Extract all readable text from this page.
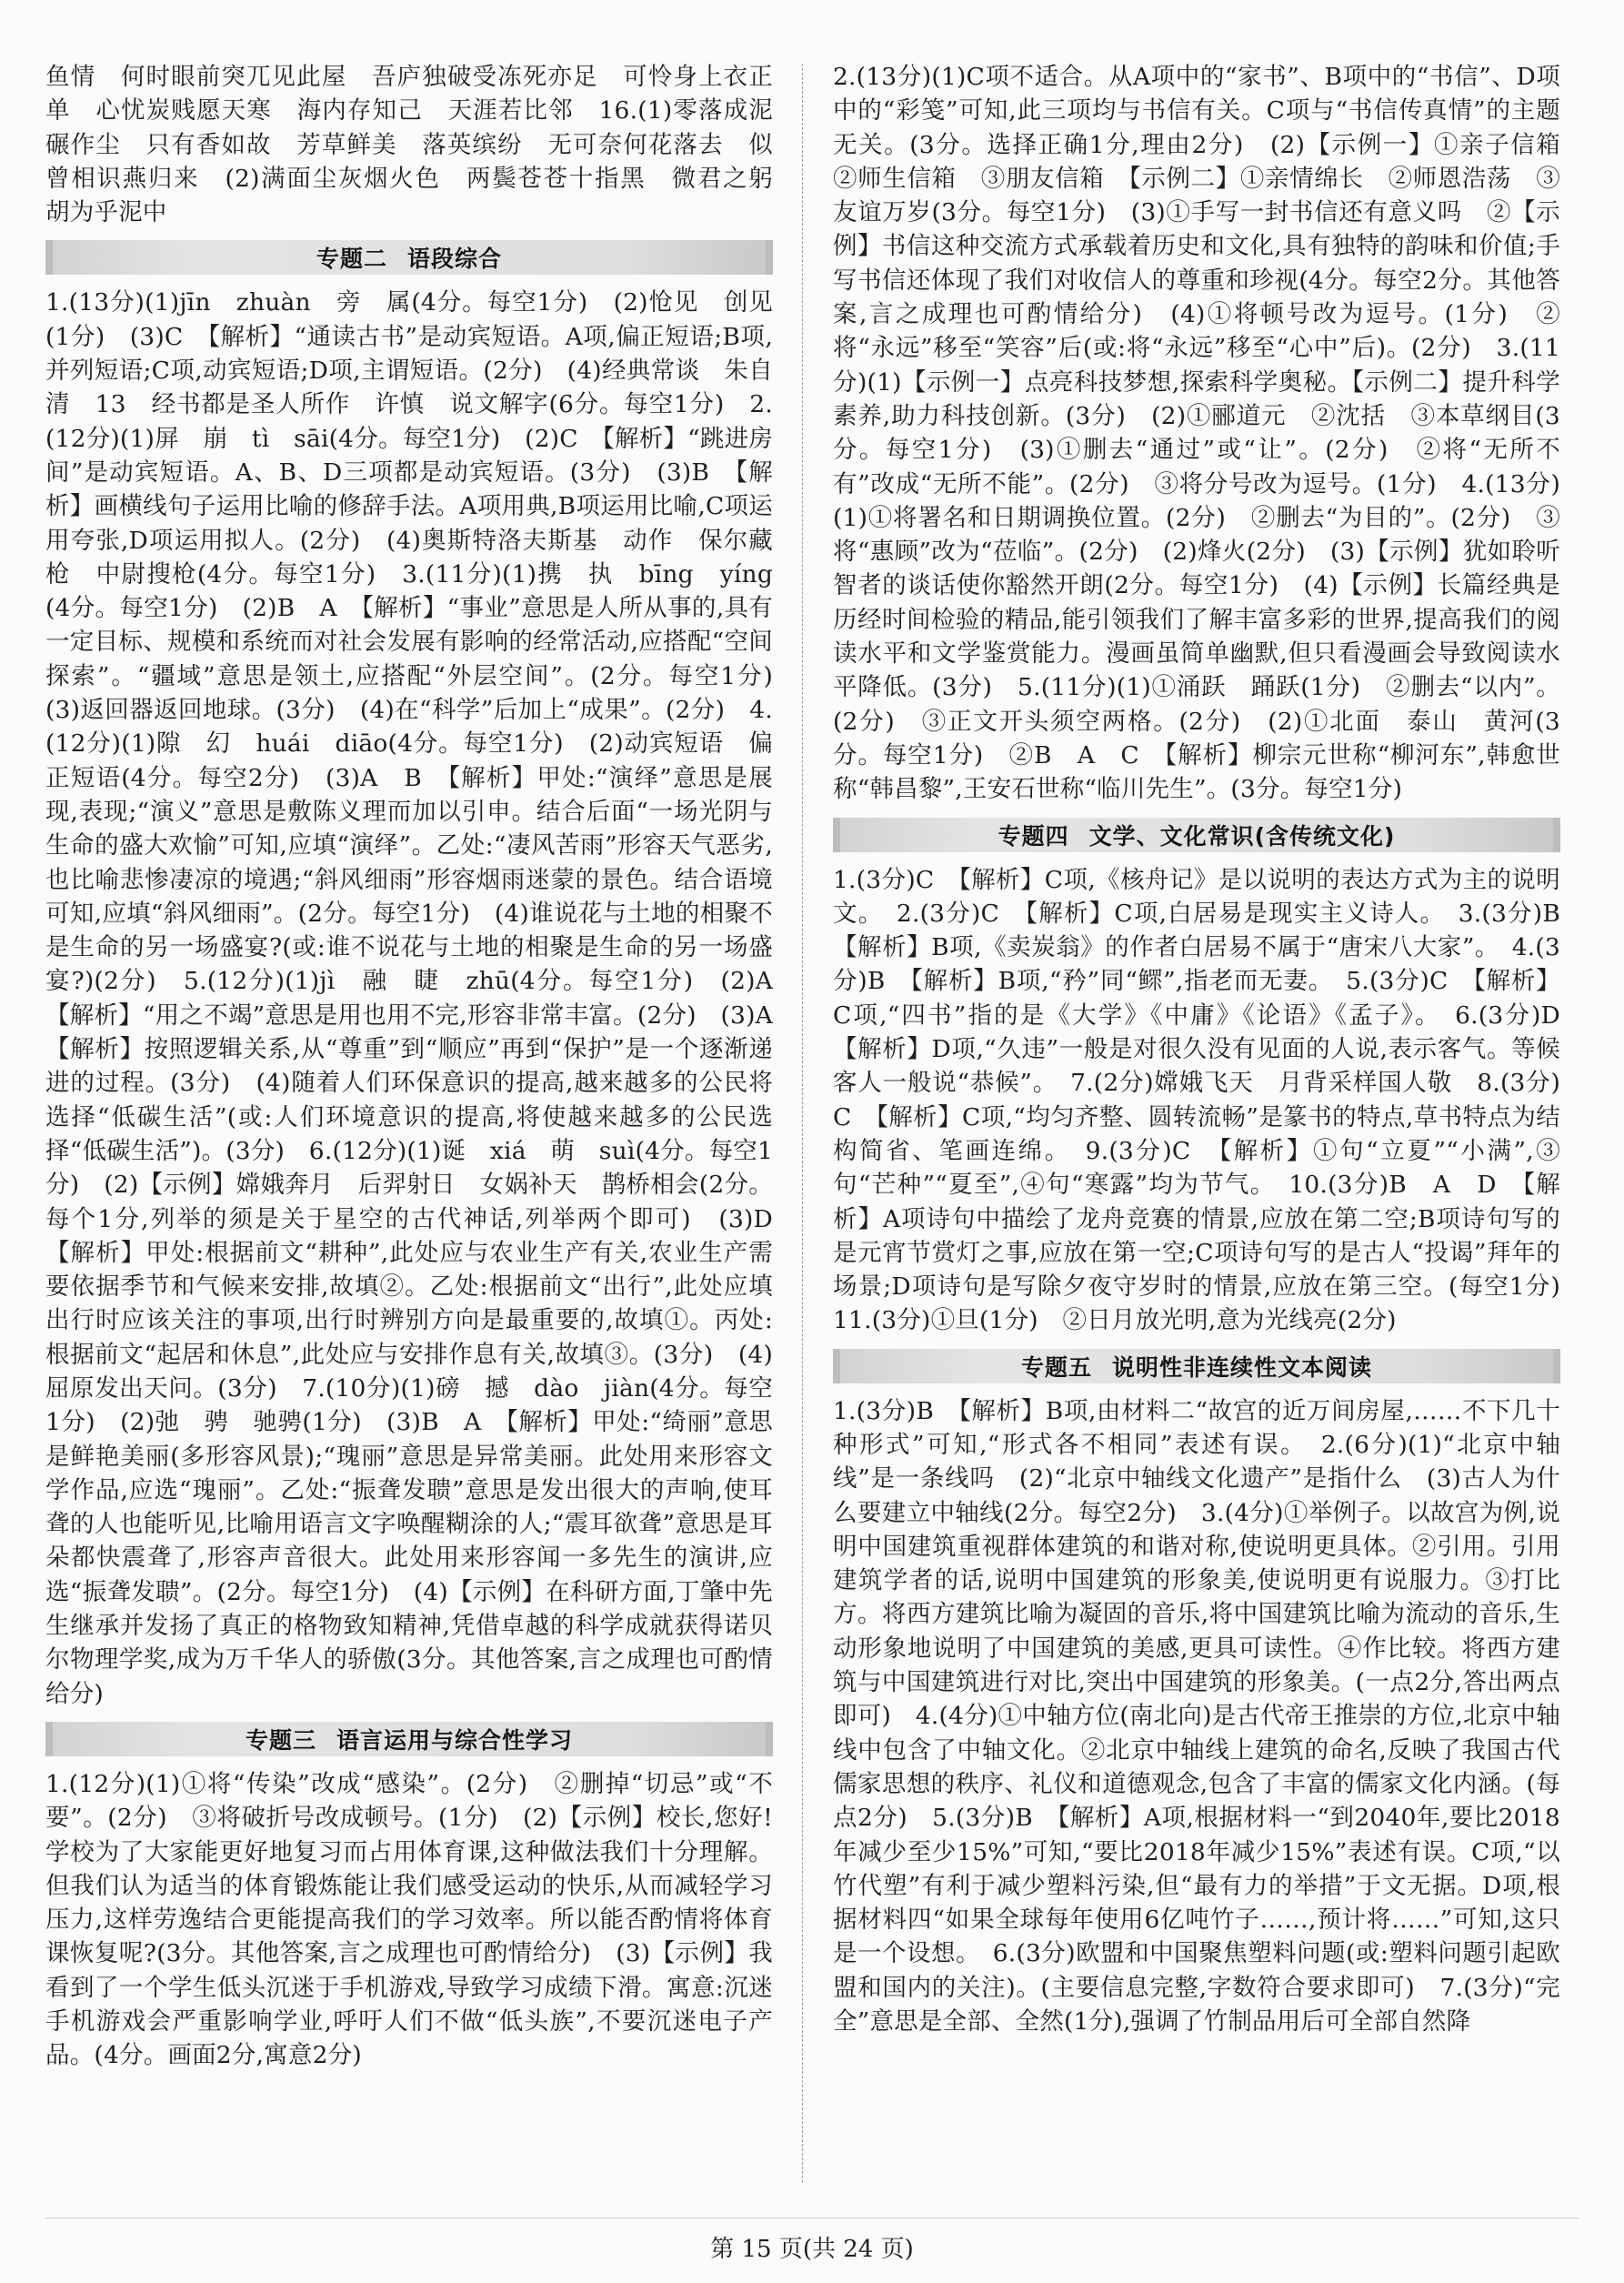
鱼情　何时眼前突兀见此屋　吾庐独破受冻死亦足　可怜身上衣正单　心忧炭贱愿天寒　海内存知己　天涯若比邻　16.(1)零落成泥碾作尘　只有香如故　芳草鲜美　落英缤纷　无可奈何花落去　似曾相识燕归来　(2)满面尘灰烟火色　两鬓苍苍十指黑　微君之躬　胡为乎泥中

专题二 语段综合

1.(13分)(1)jīn　zhuàn　旁　属(4分。每空1分)　(2)怆见　创见(1分)　(3)C　【解析】“通读古书”是动宾短语。A项,偏正短语;B项,并列短语;C项,动宾短语;D项,主谓短语。(2分)　(4)经典常谈　朱自清　13　经书都是圣人所作　许慎　说文解字(6分。每空1分)　2.(12分)(1)屏　崩　tì　sāi(4分。每空1分)　(2)C　【解析】“跳进房间”是动宾短语。A、B、D三项都是动宾短语。(3分)　(3)B　【解析】画横线句子运用比喻的修辞手法。A项用典,B项运用比喻,C项运用夸张,D项运用拟人。(2分)　(4)奥斯特洛夫斯基　动作　保尔藏枪　中尉搜枪(4分。每空1分)　3.(11分)(1)携　执　bīng　yíng(4分。每空1分)　(2)B　A　【解析】“事业”意思是人所从事的,具有一定目标、规模和系统而对社会发展有影响的经常活动,应搭配“空间探索”。“疆域”意思是领土,应搭配“外层空间”。(2分。每空1分)　(3)返回器返回地球。(3分)　(4)在“科学”后加上“成果”。(2分)　4.(12分)(1)隙　幻　huái　diāo(4分。每空1分)　(2)动宾短语　偏正短语(4分。每空2分)　(3)A　B　【解析】甲处:“演绎”意思是展现,表现;“演义”意思是敷陈义理而加以引申。结合后面“一场光阴与生命的盛大欢愉”可知,应填“演绎”。乙处:“凄风苦雨”形容天气恶劣,也比喻悲惨凄凉的境遇;“斜风细雨”形容烟雨迷蒙的景色。结合语境可知,应填“斜风细雨”。(2分。每空1分)　(4)谁说花与土地的相聚不是生命的另一场盛宴?(或:谁不说花与土地的相聚是生命的另一场盛宴?)(2分)　5.(12分)(1)jì　融　睫　zhū(4分。每空1分)　(2)A　【解析】“用之不竭”意思是用也用不完,形容非常丰富。(2分)　(3)A　【解析】按照逻辑关系,从“尊重”到“顺应”再到“保护”是一个逐渐递进的过程。(3分)　(4)随着人们环保意识的提高,越来越多的公民将选择“低碳生活”(或:人们环境意识的提高,将使越来越多的公民选择“低碳生活”)。(3分)　6.(12分)(1)诞　xiá　萌　suì(4分。每空1分)　(2)【示例】嫦娥奔月　后羿射日　女娲补天　鹊桥相会(2分。每个1分,列举的须是关于星空的古代神话,列举两个即可)　(3)D　【解析】甲处:根据前文“耕种”,此处应与农业生产有关,农业生产需要依据季节和气候来安排,故填②。乙处:根据前文“出行”,此处应填出行时应该关注的事项,出行时辨别方向是最重要的,故填①。丙处:根据前文“起居和休息”,此处应与安排作息有关,故填③。(3分)　(4)屈原发出天问。(3分)　7.(10分)(1)磅　撼　dào　jiàn(4分。每空1分)　(2)弛　骋　驰骋(1分)　(3)B　A　【解析】甲处:“绮丽”意思是鲜艳美丽(多形容风景);“瑰丽”意思是异常美丽。此处用来形容文学作品,应选“瑰丽”。乙处:“振聋发聩”意思是发出很大的声响,使耳聋的人也能听见,比喻用语言文字唤醒糊涂的人;“震耳欲聋”意思是耳朵都快震聋了,形容声音很大。此处用来形容闻一多先生的演讲,应选“振聋发聩”。(2分。每空1分)　(4)【示例】在科研方面,丁肇中先生继承并发扬了真正的格物致知精神,凭借卓越的科学成就获得诺贝尔物理学奖,成为万千华人的骄傲(3分。其他答案,言之成理也可酌情给分)

专题三 语言运用与综合性学习

1.(12分)(1)①将“传染”改成“感染”。(2分)　②删掉“切忌”或“不要”。(2分)　③将破折号改成顿号。(1分)　(2)【示例】校长,您好!学校为了大家能更好地复习而占用体育课,这种做法我们十分理解。但我们认为适当的体育锻炼能让我们感受运动的快乐,从而减轻学习压力,这样劳逸结合更能提高我们的学习效率。所以能否酌情将体育课恢复呢?(3分。其他答案,言之成理也可酌情给分)　(3)【示例】我看到了一个学生低头沉迷于手机游戏,导致学习成绩下滑。寓意:沉迷手机游戏会严重影响学业,呼吁人们不做“低头族”,不要沉迷电子产品。(4分。画面2分,寓意2分)

2.(13分)(1)C项不适合。从A项中的“家书”、B项中的“书信”、D项中的“彩笺”可知,此三项均与书信有关。C项与“书信传真情”的主题无关。(3分。选择正确1分,理由2分)　(2)【示例一】①亲子信箱　②师生信箱　③朋友信箱　【示例二】①亲情绵长　②师恩浩荡　③友谊万岁(3分。每空1分)　(3)①手写一封书信还有意义吗　②【示例】书信这种交流方式承载着历史和文化,具有独特的韵味和价值;手写书信还体现了我们对收信人的尊重和珍视(4分。每空2分。其他答案,言之成理也可酌情给分)　(4)①将顿号改为逗号。(1分)　②将“永远”移至“笑容”后(或:将“永远”移至“心中”后)。(2分)　3.(11分)(1)【示例一】点亮科技梦想,探索科学奥秘。【示例二】提升科学素养,助力科技创新。(3分)　(2)①郦道元　②沈括　③本草纲目(3分。每空1分)　(3)①删去“通过”或“让”。(2分)　②将“无所不有”改成“无所不能”。(2分)　③将分号改为逗号。(1分)　4.(13分)(1)①将署名和日期调换位置。(2分)　②删去“为目的”。(2分)　③将“惠顾”改为“莅临”。(2分)　(2)烽火(2分)　(3)【示例】犹如聆听智者的谈话使你豁然开朗(2分。每空1分)　(4)【示例】长篇经典是历经时间检验的精品,能引领我们了解丰富多彩的世界,提高我们的阅读水平和文学鉴赏能力。漫画虽简单幽默,但只看漫画会导致阅读水平降低。(3分)　5.(11分)(1)①涌跃　踊跃(1分)　②删去“以内”。(2分)　③正文开头须空两格。(2分)　(2)①北面　泰山　黄河(3分。每空1分)　②B　A　C　【解析】柳宗元世称“柳河东”,韩愈世称“韩昌黎”,王安石世称“临川先生”。(3分。每空1分)

专题四 文学、文化常识(含传统文化)

1.(3分)C　【解析】C项,《核舟记》是以说明的表达方式为主的说明文。　2.(3分)C　【解析】C项,白居易是现实主义诗人。　3.(3分)B　【解析】B项,《卖炭翁》的作者白居易不属于“唐宋八大家”。　4.(3分)B　【解析】B项,“矜”同“鳏”,指老而无妻。　5.(3分)C　【解析】C项,“四书”指的是《大学》《中庸》《论语》《孟子》。　6.(3分)D　【解析】D项,“久违”一般是对很久没有见面的人说,表示客气。等候客人一般说“恭候”。　7.(2分)嫦娥飞天　月背采样国人敬　8.(3分)C　【解析】C项,“均匀齐整、圆转流畅”是篆书的特点,草书特点为结构简省、笔画连绵。　9.(3分)C　【解析】①句“立夏”“小满”,③句“芒种”“夏至”,④句“寒露”均为节气。　10.(3分)B　A　D　【解析】A项诗句中描绘了龙舟竞赛的情景,应放在第二空;B项诗句写的是元宵节赏灯之事,应放在第一空;C项诗句写的是古人“投谒”拜年的场景;D项诗句是写除夕夜守岁时的情景,应放在第三空。(每空1分)　11.(3分)①旦(1分)　②日月放光明,意为光线亮(2分)

专题五 说明性非连续性文本阅读

1.(3分)B　【解析】B项,由材料二“故宫的近万间房屋,……不下几十种形式”可知,“形式各不相同”表述有误。　2.(6分)(1)“北京中轴线”是一条线吗　(2)“北京中轴线文化遗产”是指什么　(3)古人为什么要建立中轴线(2分。每空2分)　3.(4分)①举例子。以故宫为例,说明中国建筑重视群体建筑的和谐对称,使说明更具体。②引用。引用建筑学者的话,说明中国建筑的形象美,使说明更有说服力。③打比方。将西方建筑比喻为凝固的音乐,将中国建筑比喻为流动的音乐,生动形象地说明了中国建筑的美感,更具可读性。④作比较。将西方建筑与中国建筑进行对比,突出中国建筑的形象美。(一点2分,答出两点即可)　4.(4分)①中轴方位(南北向)是古代帝王推崇的方位,北京中轴线中包含了中轴文化。②北京中轴线上建筑的命名,反映了我国古代儒家思想的秩序、礼仪和道德观念,包含了丰富的儒家文化内涵。(每点2分)　5.(3分)B　【解析】A项,根据材料一“到2040年,要比2018年减少至少15%”可知,“要比2018年减少15%”表述有误。C项,“以竹代塑”有利于减少塑料污染,但“最有力的举措”于文无据。D项,根据材料四“如果全球每年使用6亿吨竹子……,预计将……”可知,这只是一个设想。　6.(3分)欧盟和中国聚焦塑料问题(或:塑料问题引起欧盟和国内的关注)。(主要信息完整,字数符合要求即可)　7.(3分)“完全”意思是全部、全然(1分),强调了竹制品用后可全部自然降

第 15 页(共 24 页)
